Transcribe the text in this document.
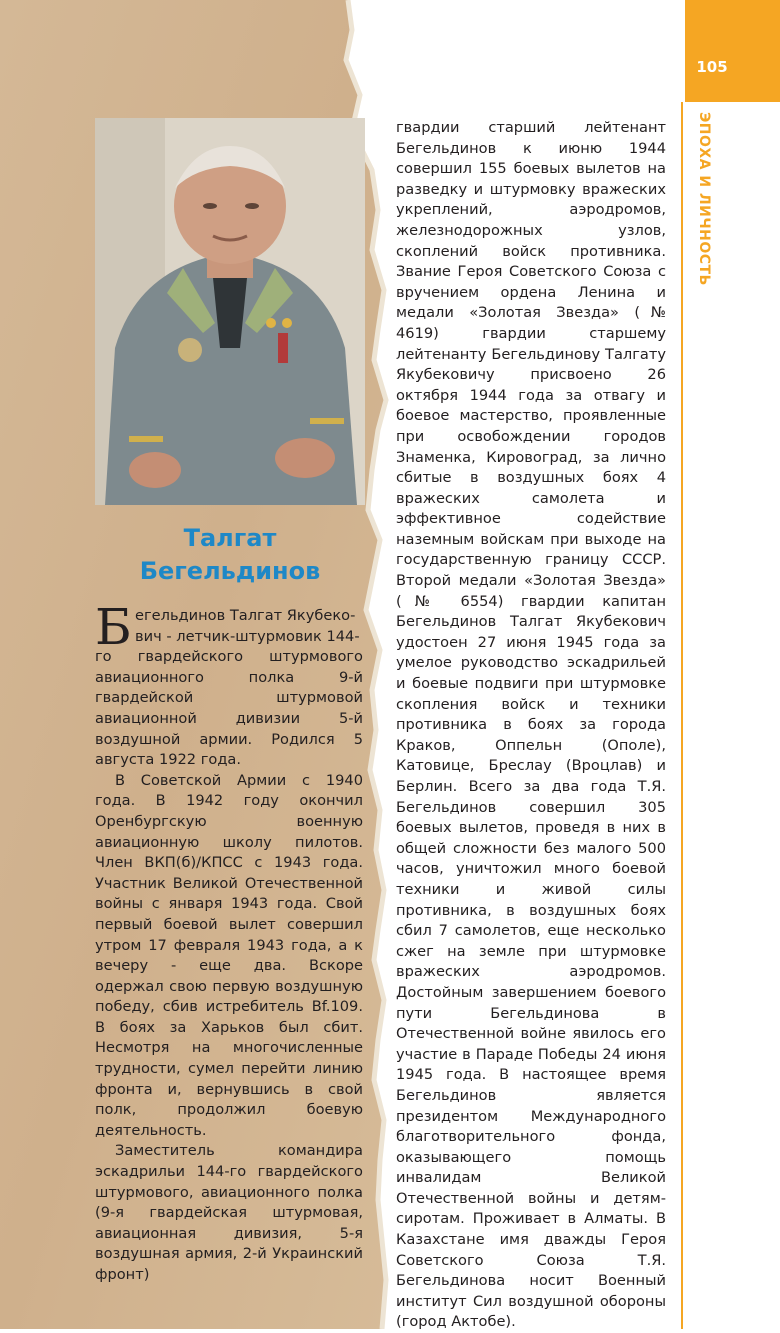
105
ЭПОХА И ЛИЧНОСТЬ
Талгат
Бегельдинов

Б егельдинов Талгат Якубеко-
вич - летчик-штурмовик 144-

го гвардейского штурмового авиационного полка 9-й гвардейской штурмовой авиационной дивизии 5-й воздушной армии. Родился 5 августа 1922 года.

В Советской Армии с 1940 года. В 1942 году окончил Оренбургскую военную авиационную школу пилотов. Член ВКП(б)/КПСС с 1943 года. Участник Великой Отечественной войны с января 1943 года. Свой первый боевой вылет совершил утром 17 февраля 1943 года, а к вечеру - еще два. Вскоре одержал свою первую воздушную победу, сбив истребитель Bf.109. В боях за Харьков был сбит. Несмотря на многочисленные трудности, сумел перейти линию фронта и, вернувшись в свой полк, продолжил боевую деятельность.

Заместитель командира эскадрильи 144-го гвардейского штурмового, авиационного полка (9-я гвардейская штурмовая, авиационная дивизия, 5-я воздушная армия, 2-й Украинский фронт)

гвардии старший лейтенант Бегельдинов к июню 1944 совершил 155 боевых вылетов на разведку и штурмовку вражеских укреплений, аэродромов, железнодорожных узлов, скоплений войск противника. Звание Героя Советского Союза с вручением ордена Ленина и медали «Золотая Звезда» (№ 4619) гвардии старшему лейтенанту Бегельдинову Талгату Якубековичу присвоено 26 октября 1944 года за отвагу и боевое мастерство, проявленные при освобождении городов Знаменка, Кировоград, за лично сбитые в воздушных боях 4 вражеских самолета и эффективное содействие наземным войскам при выходе на государственную границу СССР. Второй медали «Золотая Звезда» (№ 6554) гвардии капитан Бегельдинов Талгат Якубекович удостоен 27 июня 1945 года за умелое руководство эскадрильей и боевые подвиги при штурмовке скопления войск и техники противника в боях за города Краков, Оппельн (Ополе), Катовице, Бреслау (Вроцлав) и Берлин. Всего за два года Т.Я. Бегельдинов совершил 305 боевых вылетов, проведя в них в общей сложности без малого 500 часов, уничтожил много боевой техники и живой силы противника, в воздушных боях сбил 7 самолетов, еще несколько сжег на земле при штурмовке вражеских аэродромов. Достойным завершением боевого пути Бегельдинова в Отечественной войне явилось его участие в Параде Победы 24 июня 1945 года. В настоящее время Бегельдинов является президентом Международного благотворительного фонда, оказывающего помощь инвалидам Великой Отечественной войны и детям-сиротам. Проживает в Алматы. В Казахстане имя дважды Героя Советского Союза Т.Я. Бегельдинова носит Военный институт Сил воздушной обороны (город Актобе).
